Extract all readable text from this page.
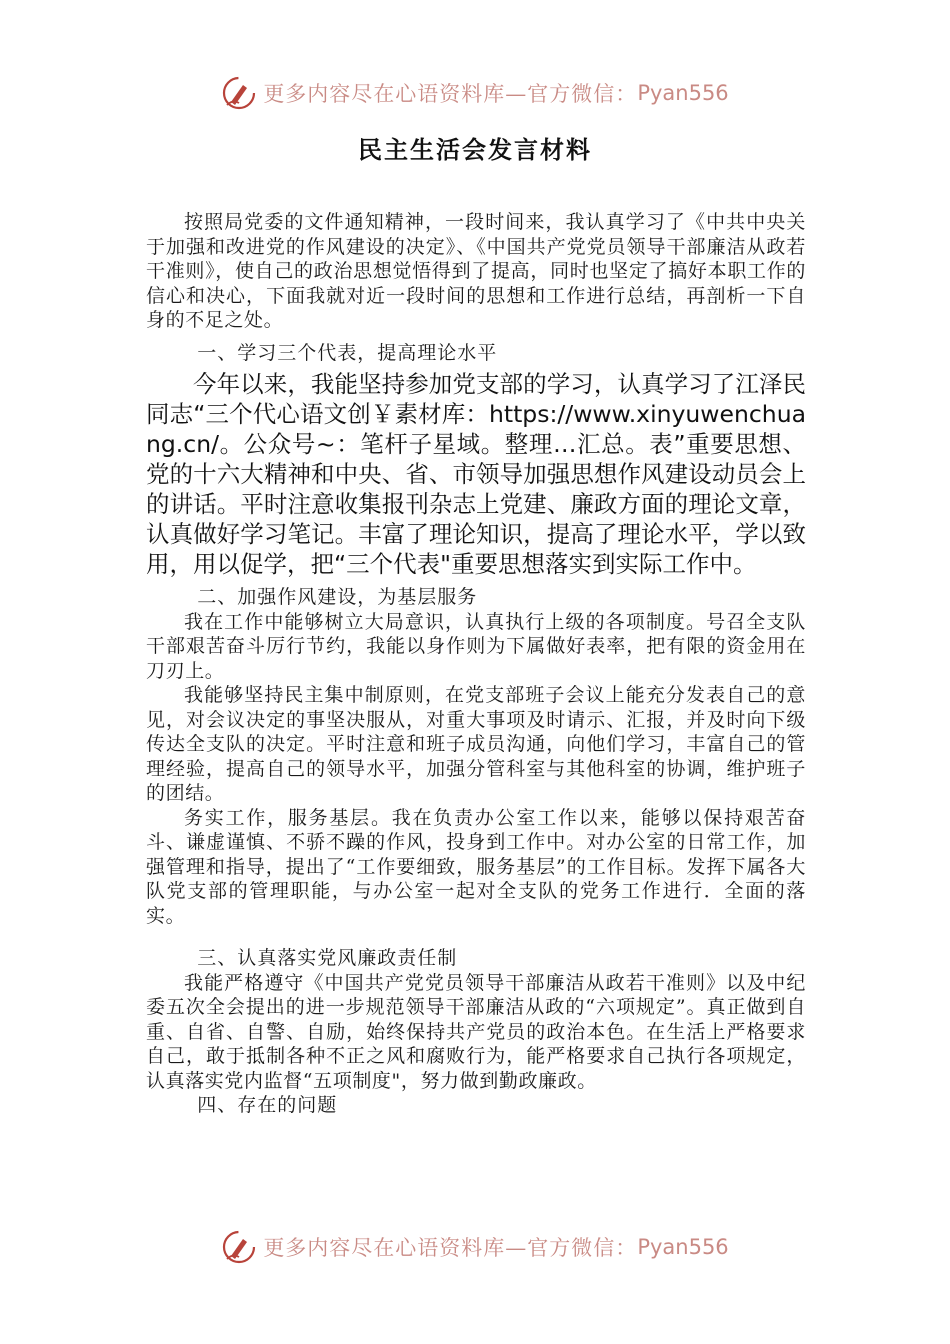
更多内容尽在心语资料库—官方微信： Pyan556
民主生活会发言材料

按照局党委的文件通知精神，一段时间来，我认真学习了《中共中央关于加强和改进党的作风建设的决定》、《中国共产党党员领导干部廉洁从政若干准则》，使自己的政治思想觉悟得到了提高，同时也坚定了搞好本职工作的信心和决心，下面我就对近一段时间的思想和工作进行总结，再剖析一下自身的不足之处。

一、学习三个代表，提高理论水平

今年以来，我能坚持参加党支部的学习，认真学习了江泽民同志“三个代心语文创￥素材库：https://www.xinyuwenchuang.cn/。公众号~：笔杆子星域。整理…汇总。表”重要思想、党的十六大精神和中央、省、市领导加强思想作风建设动员会上的讲话。平时注意收集报刊杂志上党建、廉政方面的理论文章，认真做好学习笔记。丰富了理论知识，提高了理论水平，学以致用，用以促学，把“三个代表"重要思想落实到实际工作中。

二、加强作风建设，为基层服务

我在工作中能够树立大局意识，认真执行上级的各项制度。号召全支队干部艰苦奋斗厉行节约，我能以身作则为下属做好表率，把有限的资金用在刀刃上。

我能够坚持民主集中制原则，在党支部班子会议上能充分发表自己的意见，对会议决定的事坚决服从，对重大事项及时请示、汇报，并及时向下级传达全支队的决定。平时注意和班子成员沟通，向他们学习，丰富自己的管理经验，提高自己的领导水平，加强分管科室与其他科室的协调，维护班子的团结。

务实工作，服务基层。我在负责办公室工作以来，能够以保持艰苦奋斗、谦虚谨慎、不骄不躁的作风，投身到工作中。对办公室的日常工作，加强管理和指导，提出了“工作要细致，服务基层”的工作目标。发挥下属各大队党支部的管理职能，与办公室一起对全支队的党务工作进行．全面的落实。

三、认真落实党风廉政责任制

我能严格遵守《中国共产党党员领导干部廉洁从政若干准则》以及中纪委五次全会提出的进一步规范领导干部廉洁从政的“六项规定”。真正做到自重、自省、自警、自励，始终保持共产党员的政治本色。在生活上严格要求自己，敢于抵制各种不正之风和腐败行为，能严格要求自己执行各项规定，认真落实党内监督“五项制度"，努力做到勤政廉政。

四、存在的问题

更多内容尽在心语资料库—官方微信： Pyan556
